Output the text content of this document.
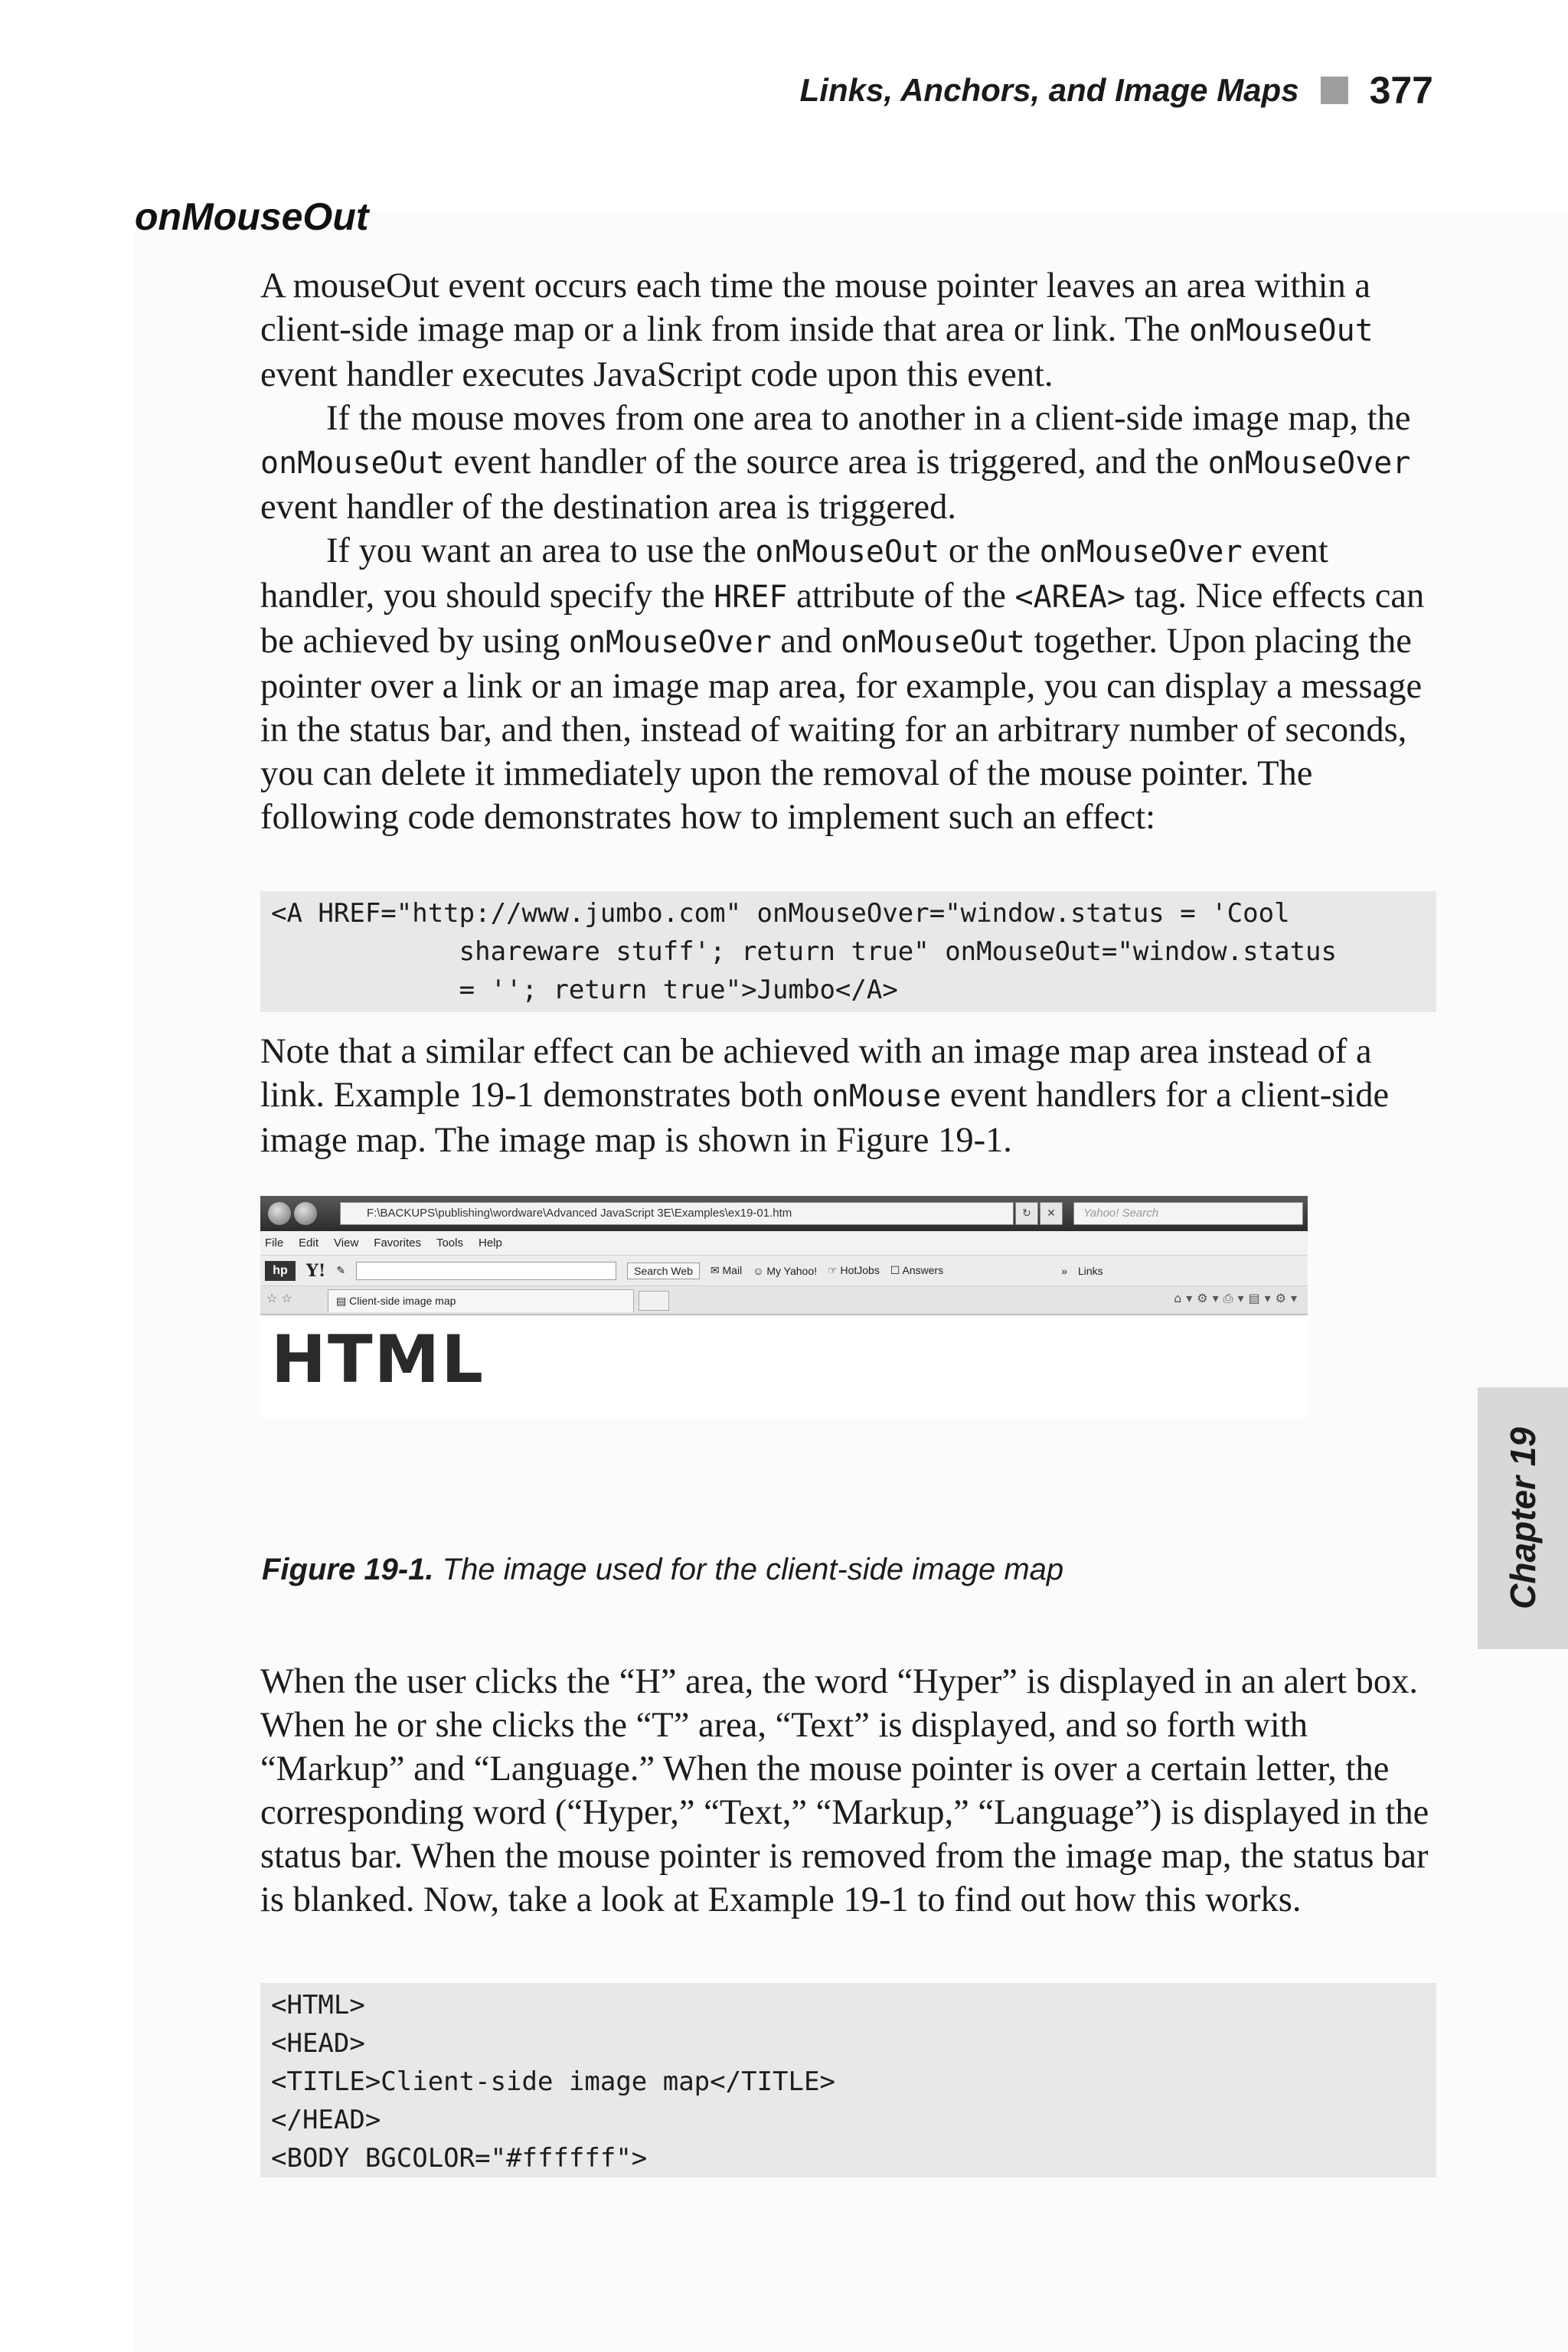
Links, Anchors, and Image Maps 377
onMouseOut

A mouseOut event occurs each time the mouse pointer leaves an area within a client-side image map or a link from inside that area or link. The onMouseOut event handler executes JavaScript code upon this event.

If the mouse moves from one area to another in a client-side image map, the onMouseOut event handler of the source area is triggered, and the onMouseOver event handler of the destination area is triggered.

If you want an area to use the onMouseOut or the onMouseOver event handler, you should specify the HREF attribute of the <AREA> tag. Nice effects can be achieved by using onMouseOver and onMouseOut together. Upon placing the pointer over a link or an image map area, for example, you can display a message in the status bar, and then, instead of waiting for an arbitrary number of seconds, you can delete it immediately upon the removal of the mouse pointer. The following code demonstrates how to implement such an effect:

<A HREF="http://www.jumbo.com" onMouseOver="window.status = 'Cool
shareware stuff'; return true" onMouseOut="window.status
= ''; return true">Jumbo</A>

Note that a similar effect can be achieved with an image map area instead of a link. Example 19-1 demonstrates both onMouse event handlers for a client-side image map. The image map is shown in Figure 19-1.

F:\BACKUPS\publishing\wordware\Advanced JavaScript 3E\Examples\ex19-01.htm	↻	✕	Yahoo! Search
File Edit View Favorites Tools Help
hp	Y! ✎	Search Web	✉ Mail ☺ My Yahoo! ☞ HotJobs ☐ Answers	» Links
☆ ☆	▤ Client-side image map	⌂▾⚙▾⎙▾▤▾⚙▾
HTML
Figure 19-1. The image used for the client-side image map

When the user clicks the “H” area, the word “Hyper” is displayed in an alert box. When he or she clicks the “T” area, “Text” is displayed, and so forth with “Markup” and “Language.” When the mouse pointer is over a certain letter, the corresponding word (“Hyper,” “Text,” “Markup,” “Language”) is displayed in the status bar. When the mouse pointer is removed from the image map, the status bar is blanked. Now, take a look at Example 19-1 to find out how this works.

<HTML>
<HEAD>
<TITLE>Client-side image map</TITLE>
</HEAD>
<BODY BGCOLOR="#ffffff">
Chapter 19
